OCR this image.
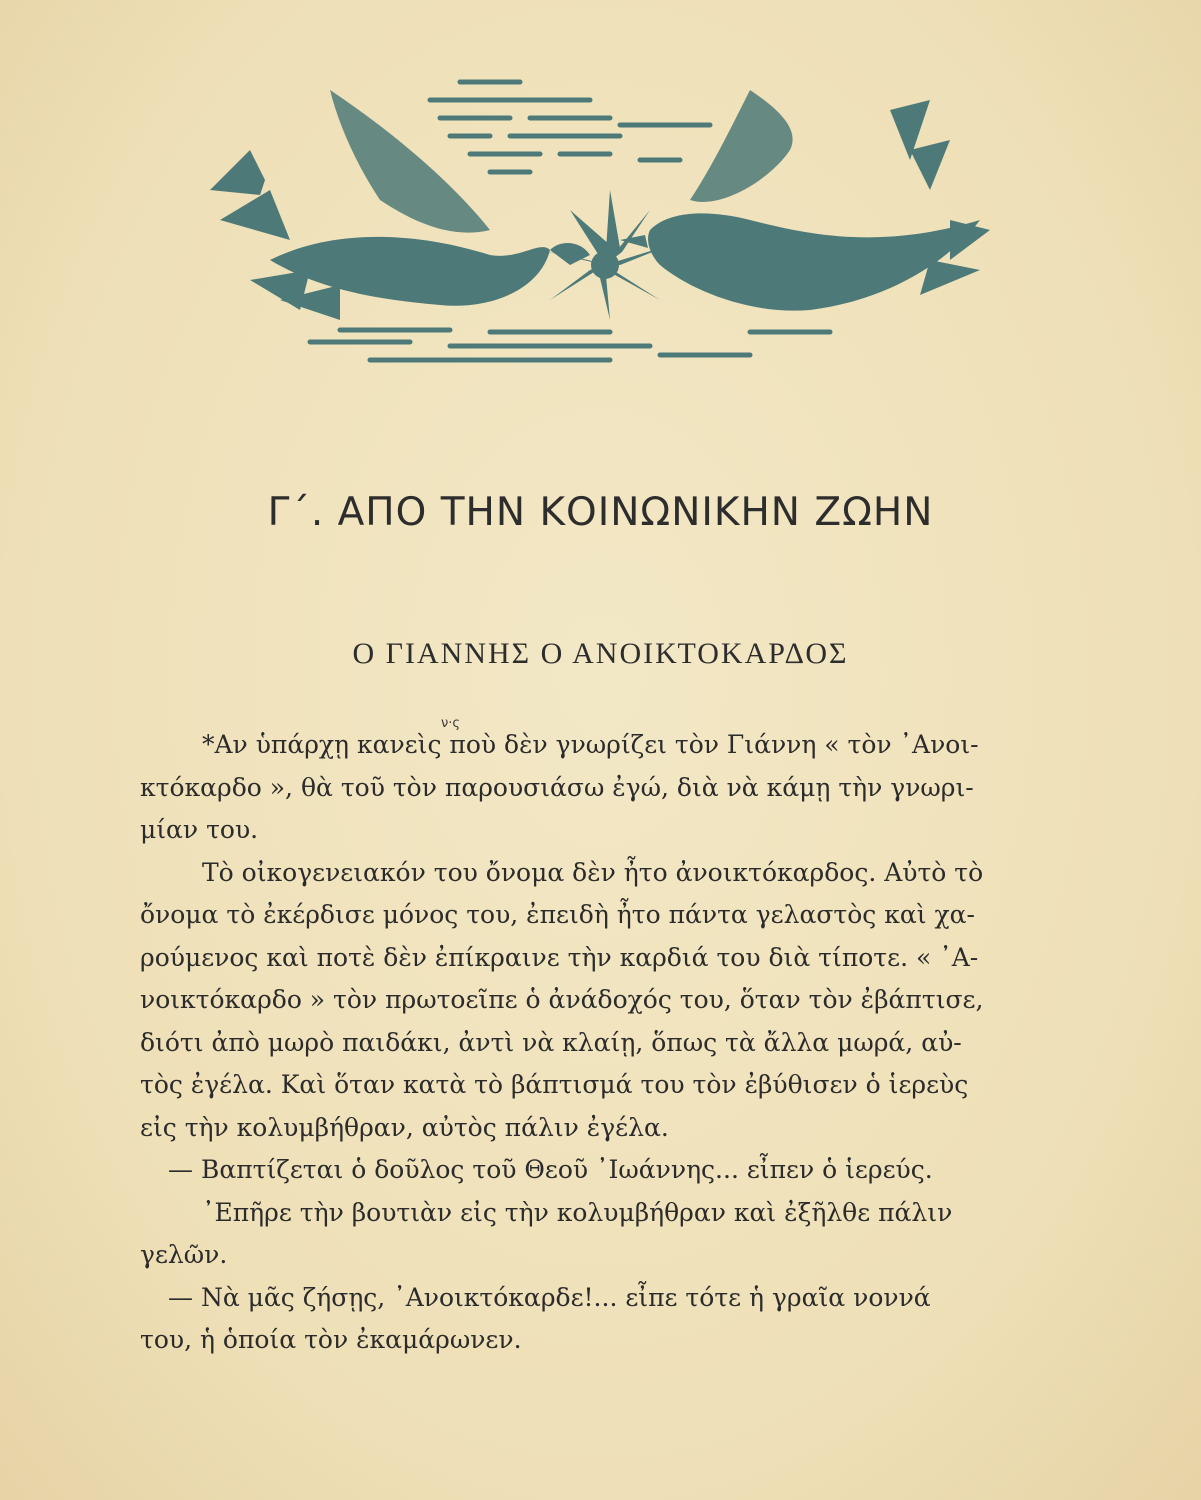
Γ΄. ΑΠΟ ΤΗΝ ΚΟΙΝΩΝΙΚΗΝ ΖΩΗΝ
Ο ΓΙΑΝΝΗΣ Ο ΑΝΟΙΚΤΟΚΑΡΔΟΣ
ν·ς
*Αν ὑπάρχῃ κανεὶς ποὺ δὲν γνωρίζει τὸν Γιάννη « τὸν ᾿Ανοι-
κτόκαρδο », θὰ τοῦ τὸν παρουσιάσω ἐγώ, διὰ νὰ κάμῃ τὴν γνωρι-
μίαν του.
Τὸ οἰκογενειακόν του ὄνομα δὲν ἦτο ἀνοικτόκαρδος. Αὐτὸ τὸ
ὄνομα τὸ ἐκέρδισε μόνος του, ἐπειδὴ ἦτο πάντα γελαστὸς καὶ χα-
ρούμενος καὶ ποτὲ δὲν ἐπίκραινε τὴν καρδιά του διὰ τίποτε. « ᾿Α-
νοικτόκαρδο » τὸν πρωτοεῖπε ὁ ἀνάδοχός του, ὅταν τὸν ἐβάπτισε,
διότι ἀπὸ μωρὸ παιδάκι, ἀντὶ νὰ κλαίῃ, ὅπως τὰ ἄλλα μωρά, αὐ-
τὸς ἐγέλα. Καὶ ὅταν κατὰ τὸ βάπτισμά του τὸν ἐβύθισεν ὁ ἱερεὺς
εἰς τὴν κολυμβήθραν, αὐτὸς πάλιν ἐγέλα.
— Βαπτίζεται ὁ δοῦλος τοῦ Θεοῦ ᾿Ιωάννης... εἶπεν ὁ ἱερεύς.
᾿Επῆρε τὴν βουτιὰν εἰς τὴν κολυμβήθραν καὶ ἐξῆλθε πάλιν
γελῶν.
— Νὰ μᾶς ζήσῃς, ᾿Ανοικτόκαρδε!... εἶπε τότε ἡ γραῖα νοννά
του, ἡ ὁποία τὸν ἐκαμάρωνεν.
